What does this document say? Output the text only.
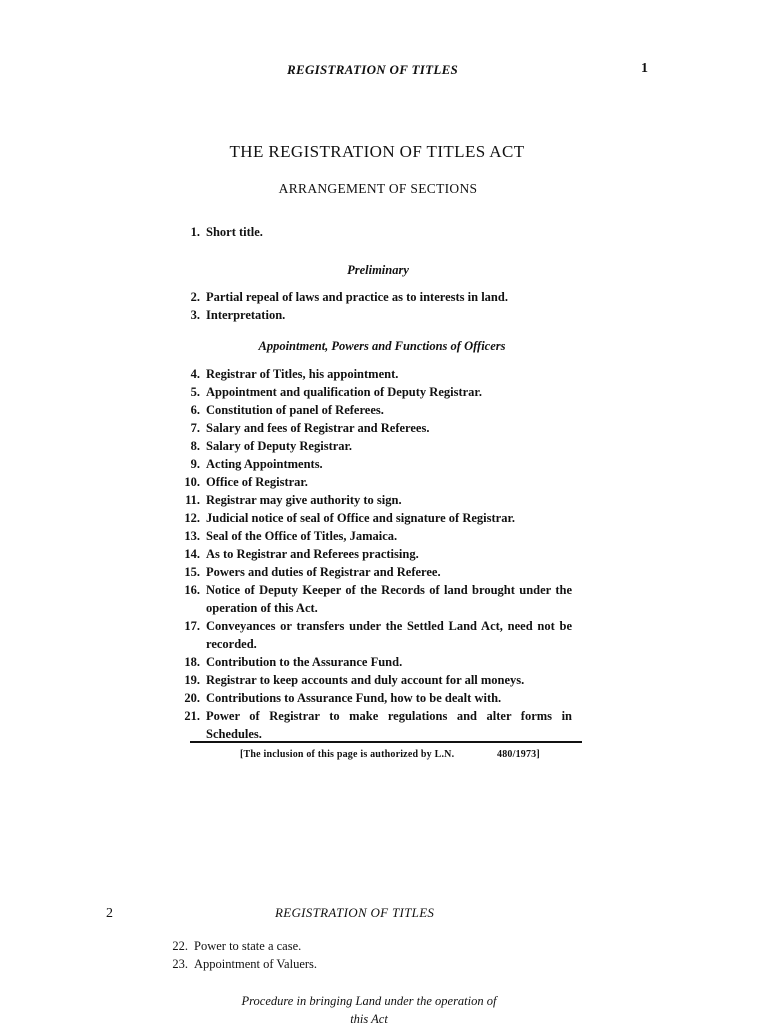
REGISTRATION OF TITLES	1
THE REGISTRATION OF TITLES ACT
ARRANGEMENT OF SECTIONS
1. Short title.
Preliminary
2. Partial repeal of laws and practice as to interests in land.
3. Interpretation.
Appointment, Powers and Functions of Officers
4. Registrar of Titles, his appointment.
5. Appointment and qualification of Deputy Registrar.
6. Constitution of panel of Referees.
7. Salary and fees of Registrar and Referees.
8. Salary of Deputy Registrar.
9. Acting Appointments.
10. Office of Registrar.
11. Registrar may give authority to sign.
12. Judicial notice of seal of Office and signature of Registrar.
13. Seal of the Office of Titles, Jamaica.
14. As to Registrar and Referees practising.
15. Powers and duties of Registrar and Referee.
16. Notice of Deputy Keeper of the Records of land brought under the operation of this Act.
17. Conveyances or transfers under the Settled Land Act, need not be recorded.
18. Contribution to the Assurance Fund.
19. Registrar to keep accounts and duly account for all moneys.
20. Contributions to Assurance Fund, how to be dealt with.
21. Power of Registrar to make regulations and alter forms in Schedules.
[The inclusion of this page is authorized by L.N.	480/1973]
2	REGISTRATION OF TITLES
22. Power to state a case.
23. Appointment of Valuers.
Procedure in bringing Land under the operation of
this Act
